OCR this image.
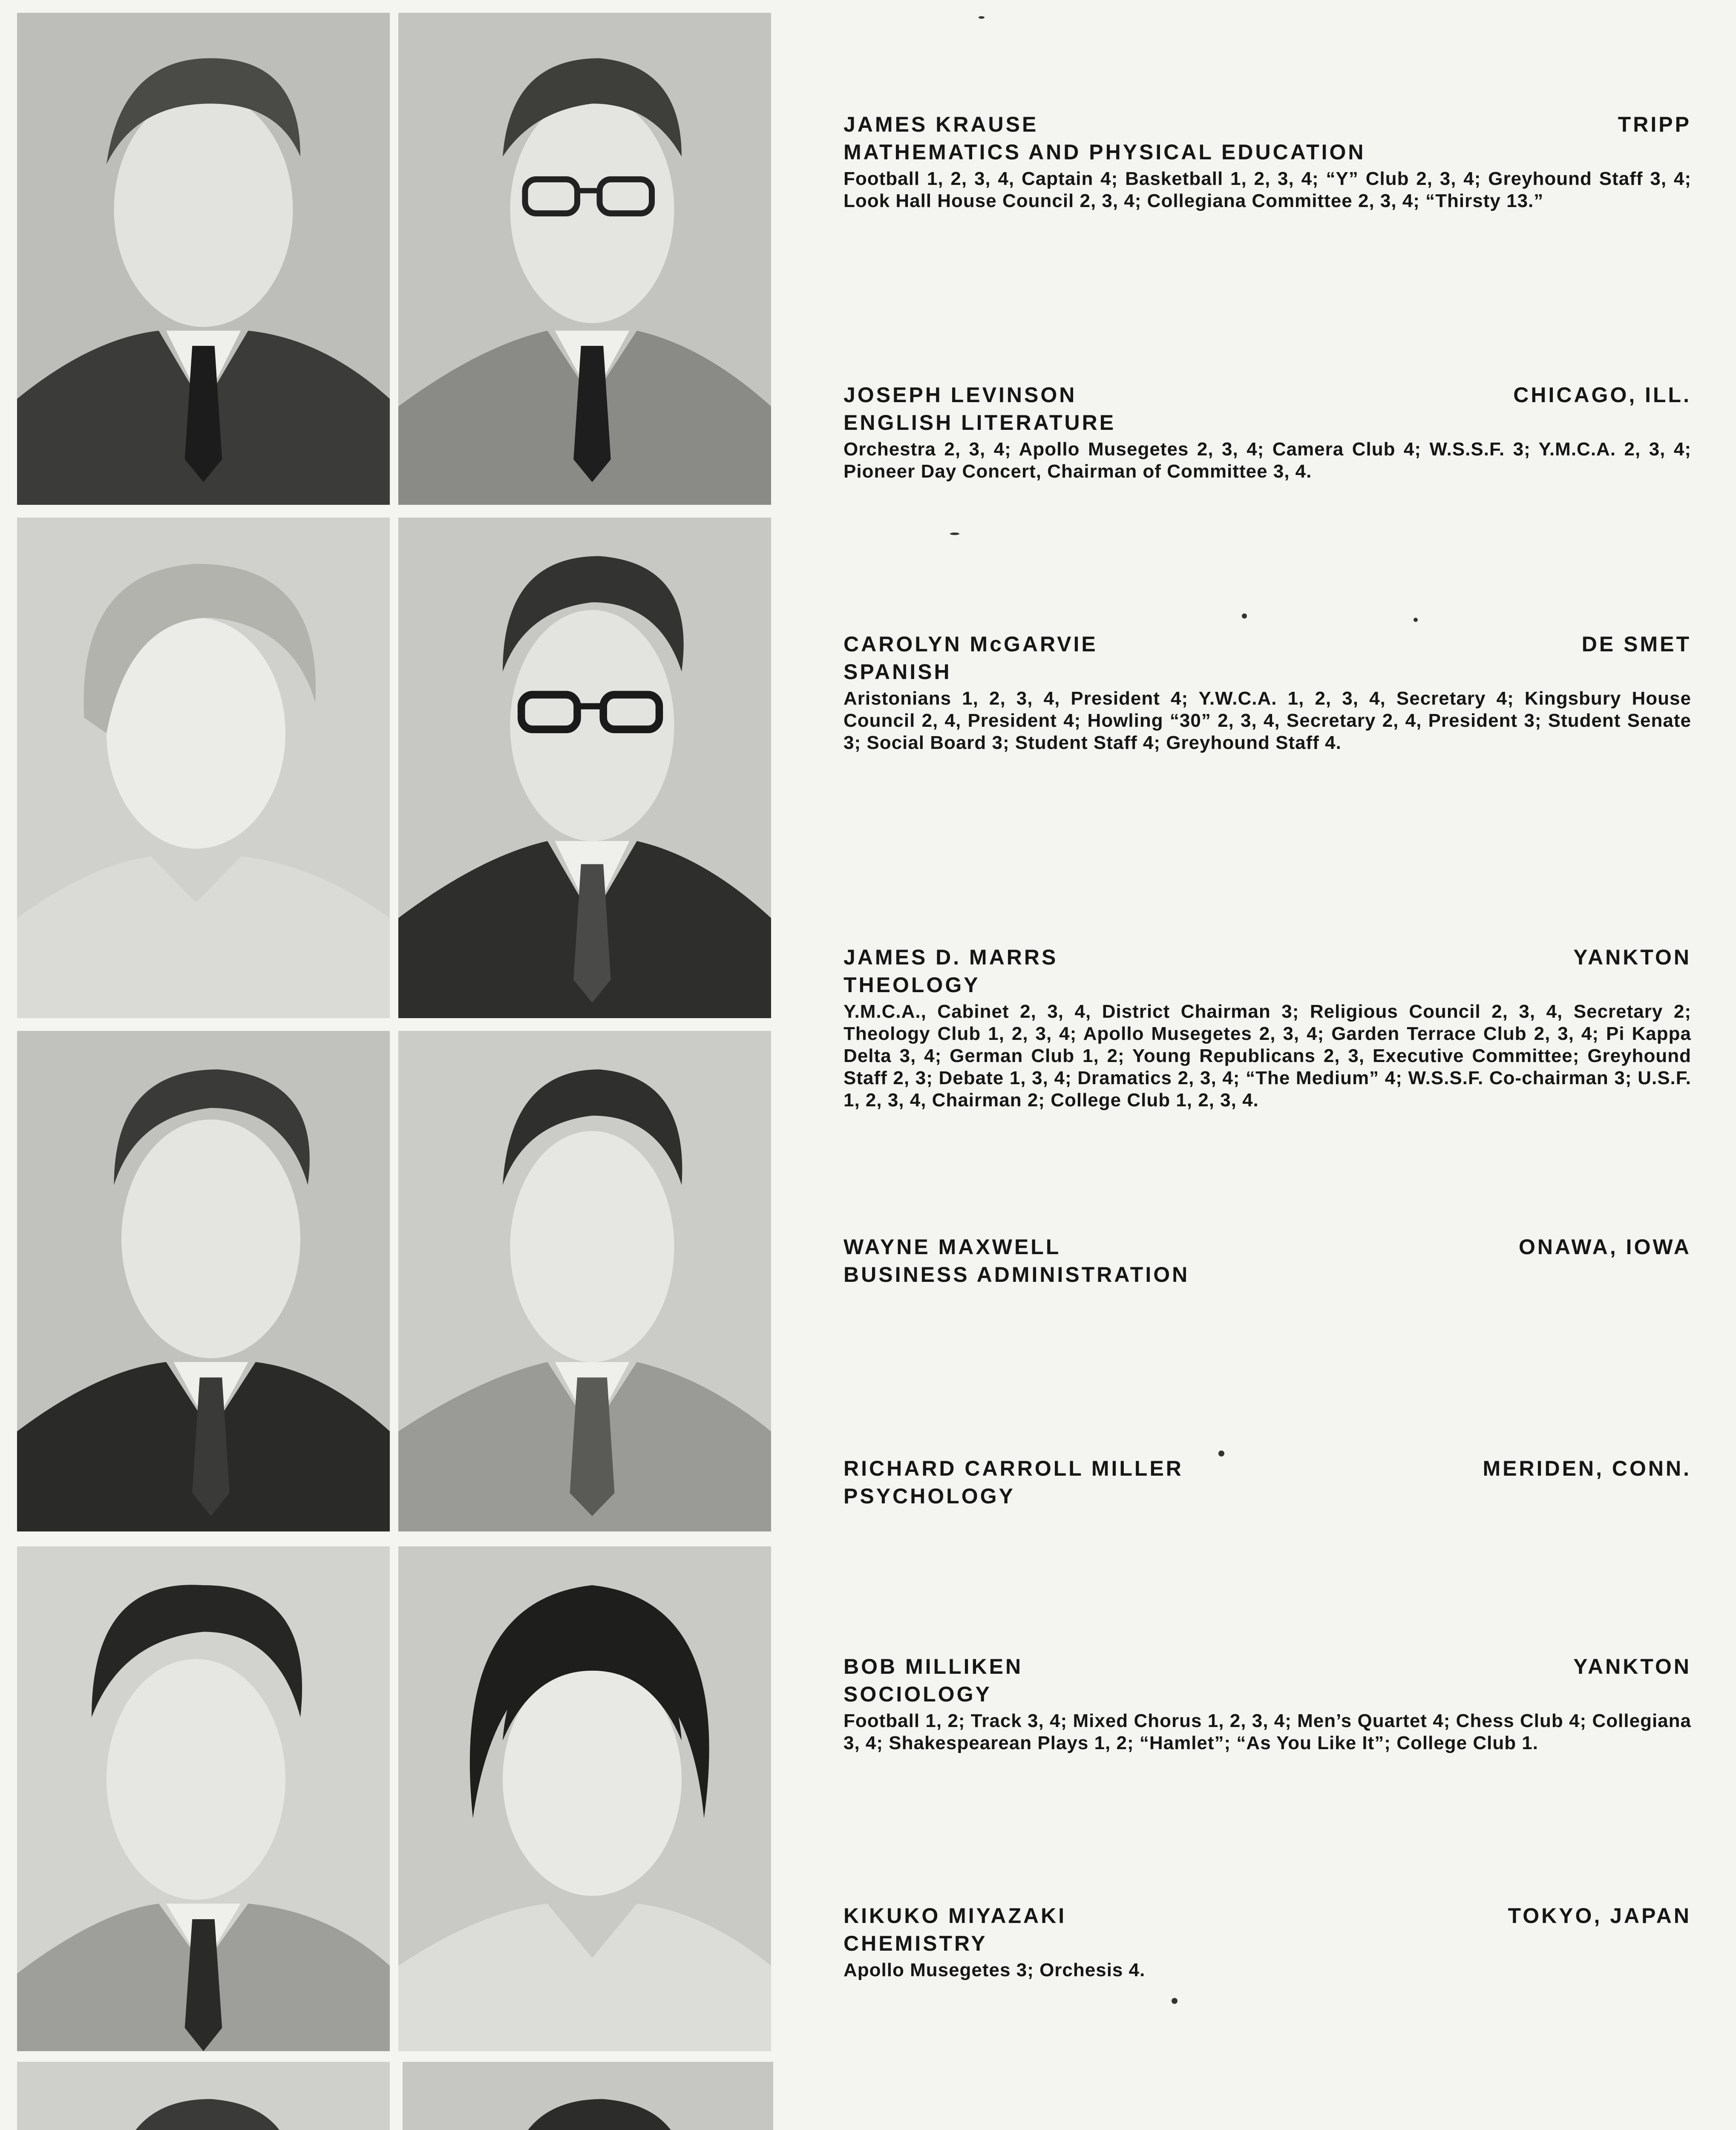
JAMES KRAUSE	TRIPP
MATHEMATICS AND PHYSICAL EDUCATION
Football 1, 2, 3, 4, Captain 4; Basketball 1, 2, 3, 4; “Y” Club 2, 3, 4; Greyhound Staff 3, 4; Look Hall House Council 2, 3, 4; Collegiana Committee 2, 3, 4; “Thirsty 13.”
JOSEPH LEVINSON	CHICAGO, ILL.
ENGLISH LITERATURE
Orchestra 2, 3, 4; Apollo Musegetes 2, 3, 4; Camera Club 4; W.S.S.F. 3; Y.M.C.A. 2, 3, 4; Pioneer Day Concert, Chairman of Committee 3, 4.
CAROLYN McGARVIE	DE SMET
SPANISH
Aristonians 1, 2, 3, 4, President 4; Y.W.C.A. 1, 2, 3, 4, Secretary 4; Kingsbury House Council 2, 4, President 4; Howling “30” 2, 3, 4, Secretary 2, 4, President 3; Student Senate 3; Social Board 3; Student Staff 4; Greyhound Staff 4.
JAMES D. MARRS	YANKTON
THEOLOGY
Y.M.C.A., Cabinet 2, 3, 4, District Chairman 3; Religious Council 2, 3, 4, Secretary 2; Theology Club 1, 2, 3, 4; Apollo Musegetes 2, 3, 4; Garden Terrace Club 2, 3, 4; Pi Kappa Delta 3, 4; German Club 1, 2; Young Republicans 2, 3, Executive Committee; Greyhound Staff 2, 3; Debate 1, 3, 4; Dramatics 2, 3, 4; “The Medium” 4; W.S.S.F. Co-chairman 3; U.S.F. 1, 2, 3, 4, Chairman 2; College Club 1, 2, 3, 4.
WAYNE MAXWELL	ONAWA, IOWA
BUSINESS ADMINISTRATION
RICHARD CARROLL MILLER	MERIDEN, CONN.
PSYCHOLOGY
BOB MILLIKEN	YANKTON
SOCIOLOGY
Football 1, 2; Track 3, 4; Mixed Chorus 1, 2, 3, 4; Men’s Quartet 4; Chess Club 4; Collegiana 3, 4; Shakespearean Plays 1, 2; “Hamlet”; “As You Like It”; College Club 1.
KIKUKO MIYAZAKI	TOKYO, JAPAN
CHEMISTRY
Apollo Musegetes 3; Orchesis 4.
